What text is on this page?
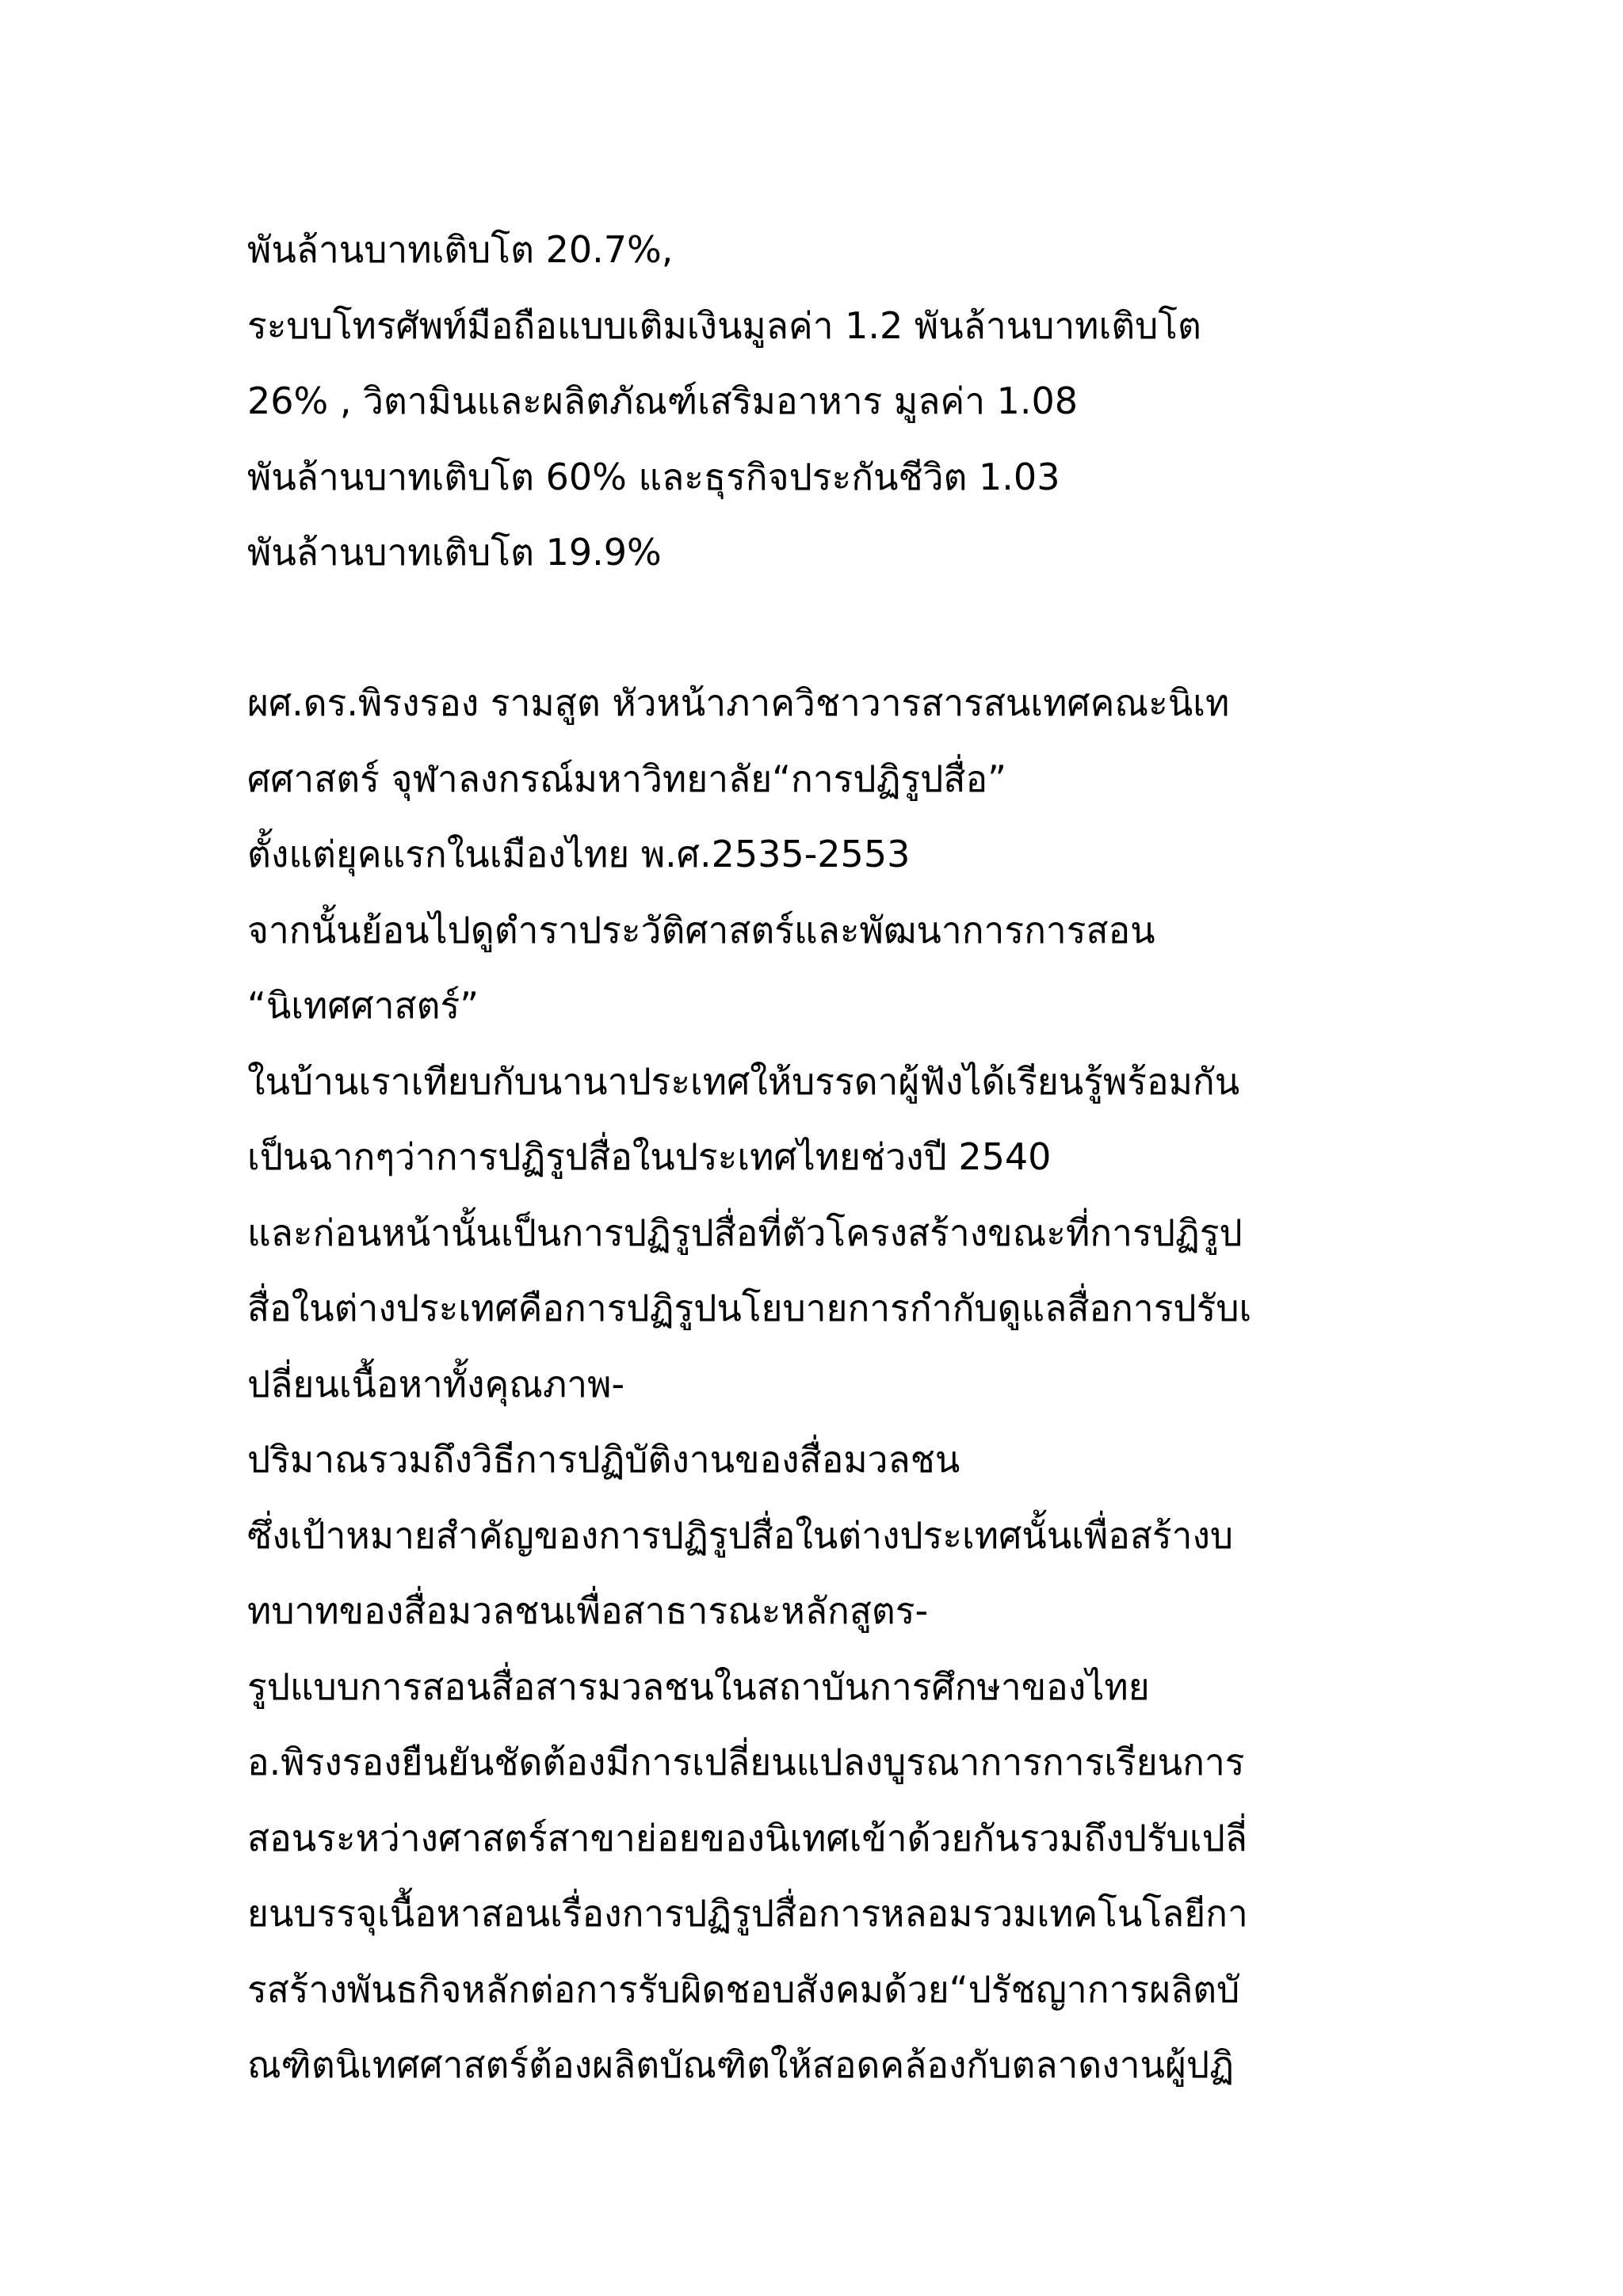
พันล้านบาทเติบโต 20.7%,
ระบบโทรศัพท์มือถือแบบเติมเงินมูลค่า 1.2 พันล้านบาทเติบโต
26% , วิตามินและผลิตภัณฑ์เสริมอาหาร มูลค่า 1.08
พันล้านบาทเติบโต 60% และธุรกิจประกันชีวิต 1.03
พันล้านบาทเติบโต 19.9%
ผศ.ดร.พิรงรอง รามสูต หัวหน้าภาควิชาวารสารสนเทศคณะนิเท
ศศาสตร์ จุฬาลงกรณ์มหาวิทยาลัย“การปฏิรูปสื่อ”
ตั้งแต่ยุคแรกในเมืองไทย พ.ศ.2535-2553
จากนั้นย้อนไปดูตำราประวัติศาสตร์และพัฒนาการการสอน
“นิเทศศาสตร์”
ในบ้านเราเทียบกับนานาประเทศให้บรรดาผู้ฟังได้เรียนรู้พร้อมกัน
เป็นฉากๆว่าการปฏิรูปสื่อในประเทศไทยช่วงปี 2540
และก่อนหน้านั้นเป็นการปฏิรูปสื่อที่ตัวโครงสร้างขณะที่การปฏิรูป
สื่อในต่างประเทศคือการปฏิรูปนโยบายการกำกับดูแลสื่อการปรับเ
ปลี่ยนเนื้อหาทั้งคุณภาพ-
ปริมาณรวมถึงวิธีการปฏิบัติงานของสื่อมวลชน
ซึ่งเป้าหมายสำคัญของการปฏิรูปสื่อในต่างประเทศนั้นเพื่อสร้างบ
ทบาทของสื่อมวลชนเพื่อสาธารณะหลักสูตร-
รูปแบบการสอนสื่อสารมวลชนในสถาบันการศึกษาของไทย
อ.พิรงรองยืนยันชัดต้องมีการเปลี่ยนแปลงบูรณาการการเรียนการ
สอนระหว่างศาสตร์สาขาย่อยของนิเทศเข้าด้วยกันรวมถึงปรับเปลี่
ยนบรรจุเนื้อหาสอนเรื่องการปฏิรูปสื่อการหลอมรวมเทคโนโลยีกา
รสร้างพันธกิจหลักต่อการรับผิดชอบสังคมด้วย“ปรัชญาการผลิตบั
ณฑิตนิเทศศาสตร์ต้องผลิตบัณฑิตให้สอดคล้องกับตลาดงานผู้ปฏิ
